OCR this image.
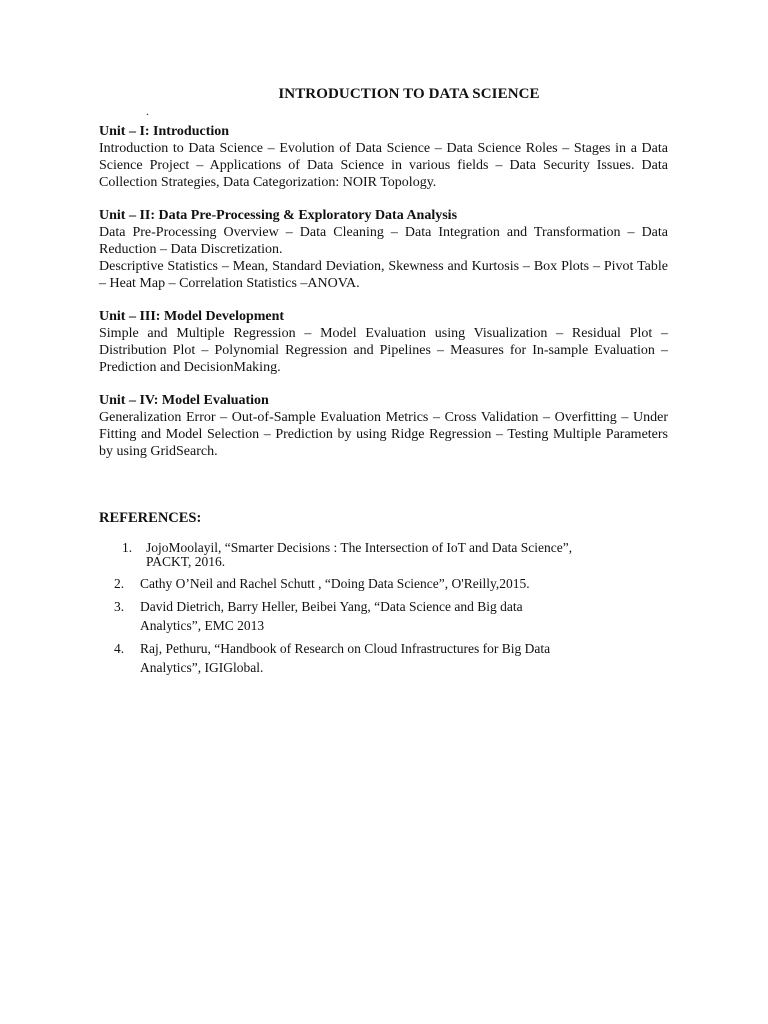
INTRODUCTION TO DATA SCIENCE
.
Unit – I: Introduction

Introduction to Data Science – Evolution of Data Science – Data Science Roles – Stages in a Data Science Project – Applications of Data Science in various fields – Data Security Issues. Data Collection Strategies, Data Categorization: NOIR Topology.

Unit – II: Data Pre-Processing & Exploratory Data Analysis

Data Pre-Processing Overview – Data Cleaning – Data Integration and Transformation – Data Reduction – Data Discretization.

Descriptive Statistics – Mean, Standard Deviation, Skewness and Kurtosis – Box Plots – Pivot Table – Heat Map – Correlation Statistics –ANOVA.

Unit – III: Model Development

Simple and Multiple Regression – Model Evaluation using Visualization – Residual Plot – Distribution Plot – Polynomial Regression and Pipelines – Measures for In-sample Evaluation – Prediction and DecisionMaking.

Unit – IV: Model Evaluation

Generalization Error – Out-of-Sample Evaluation Metrics – Cross Validation – Overfitting – Under Fitting and Model Selection – Prediction by using Ridge Regression – Testing Multiple Parameters by using GridSearch.

REFERENCES:
1. JojoMoolayil, “Smarter Decisions : The Intersection of IoT and Data Science”, PACKT, 2016.
2. Cathy O’Neil and Rachel Schutt , “Doing Data Science”, O'Reilly,2015.
3. David Dietrich, Barry Heller, Beibei Yang, “Data Science and Big data Analytics”, EMC 2013
4. Raj, Pethuru, “Handbook of Research on Cloud Infrastructures for Big Data Analytics”, IGIGlobal.
